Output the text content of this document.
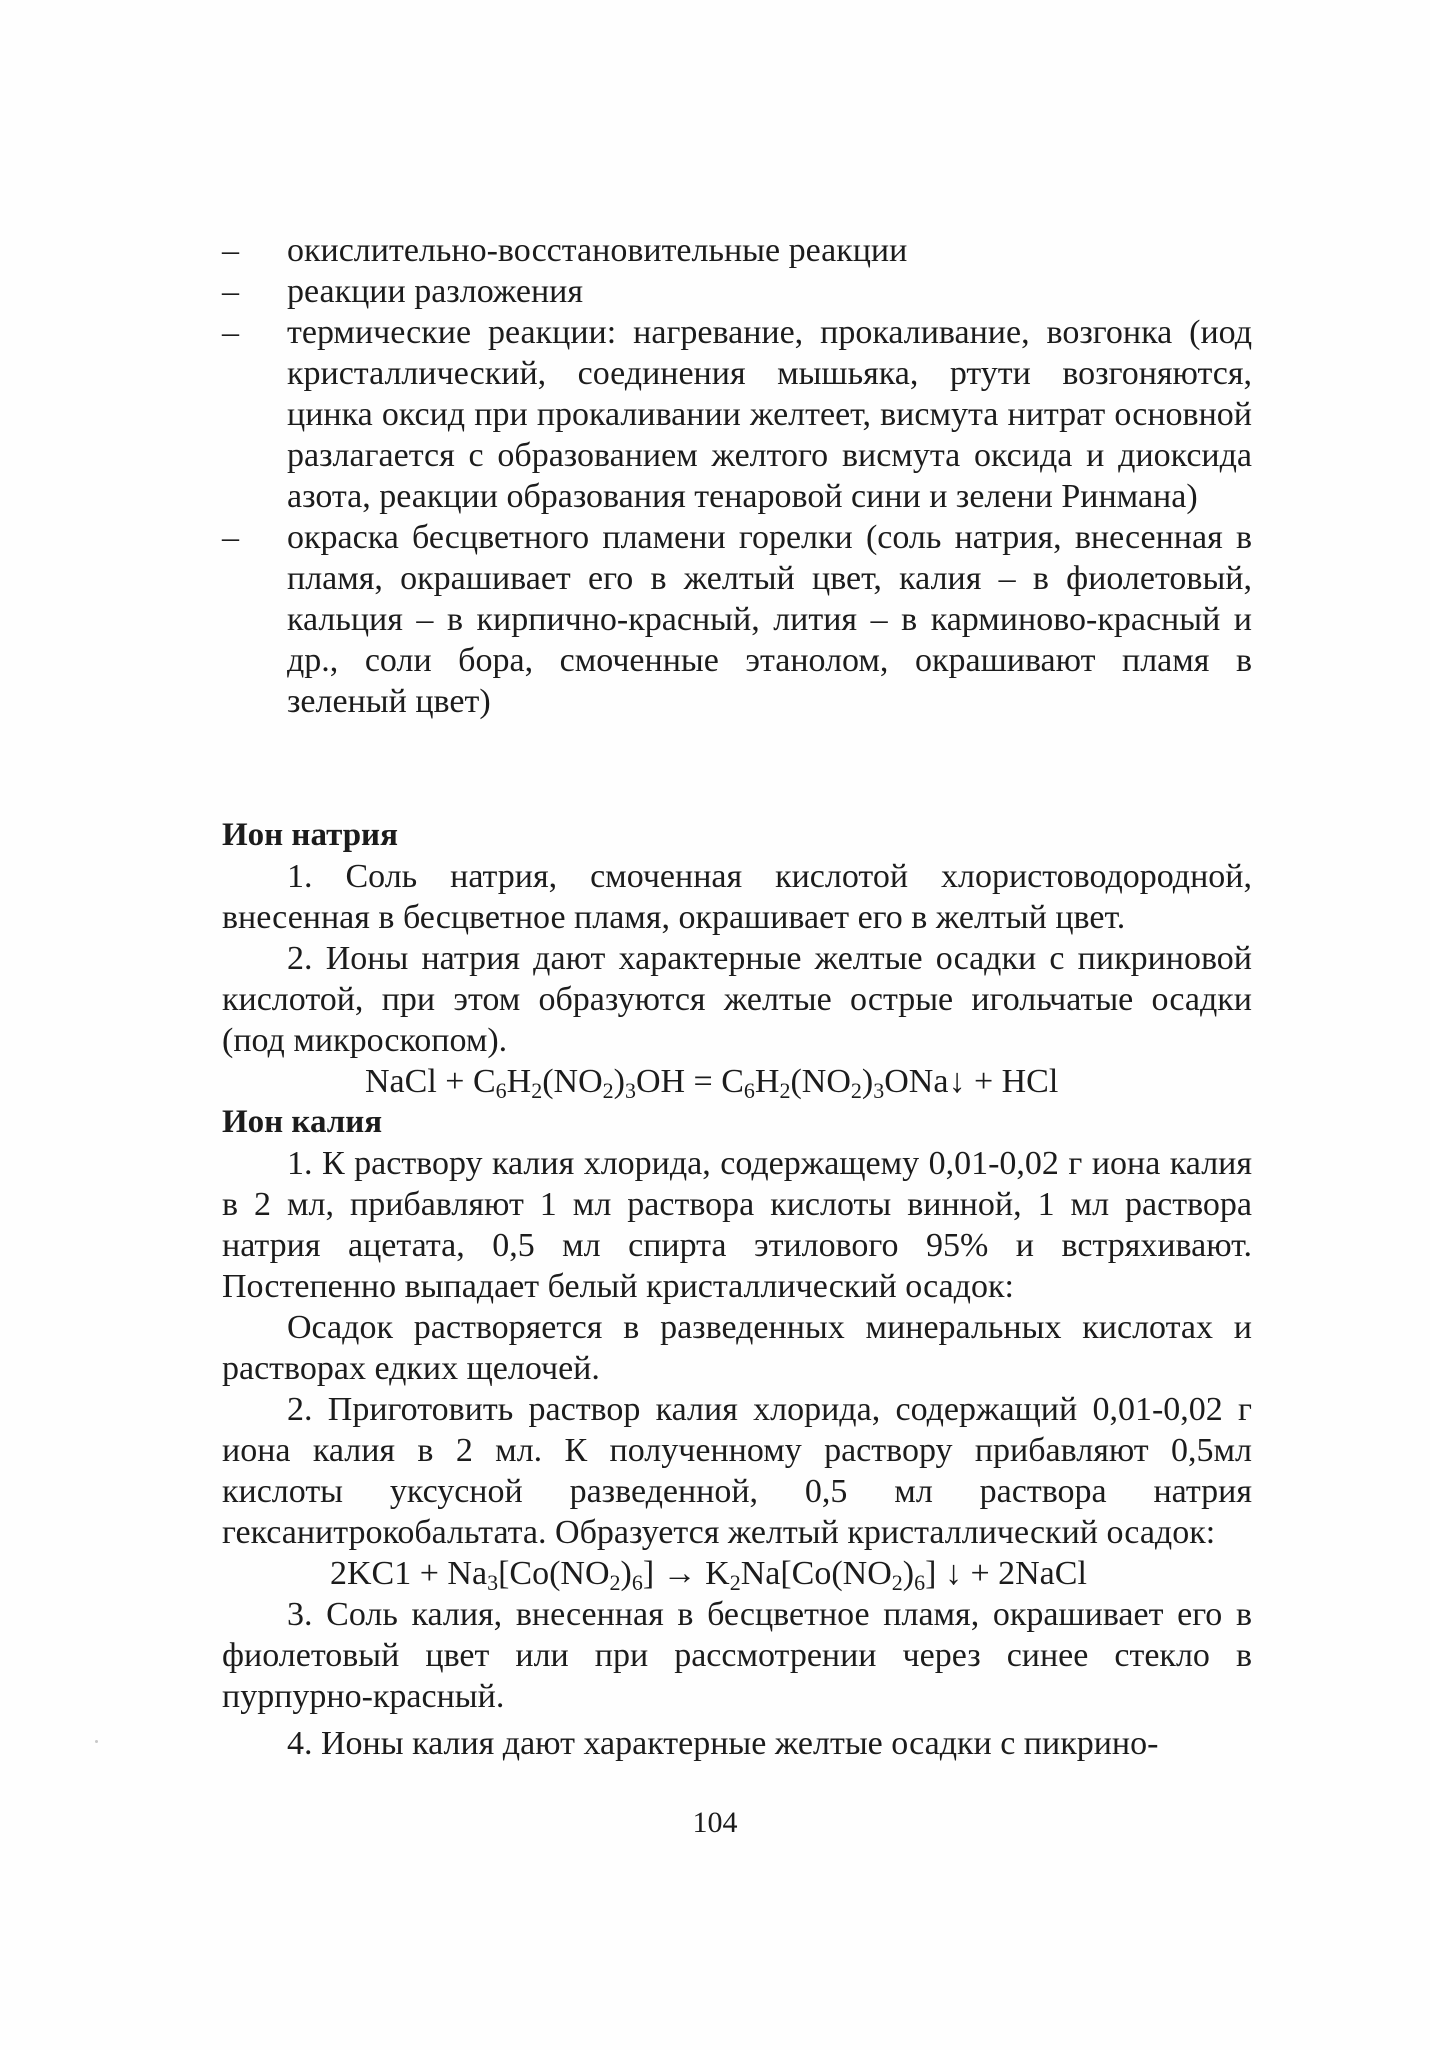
– окислительно-восстановительные реакции
– реакции разложения
– термические реакции: нагревание, прокаливание, возгонка (иод кристаллический, соединения мышьяка, ртути возгоняются, цинка оксид при прокаливании желтеет, висмута нитрат основной разлагается с образованием желтого висмута оксида и диоксида азота, реакции образования тенаровой сини и зелени Ринмана)
– окраска бесцветного пламени горелки (соль натрия, внесенная в пламя, окрашивает его в желтый цвет, калия – в фиолетовый, кальция – в кирпично-красный, лития – в карминово-красный и др., соли бора, смоченные этанолом, окрашивают пламя в зеленый цвет)
Ион натрия
1. Соль натрия, смоченная кислотой хлористоводородной, внесенная в бесцветное пламя, окрашивает его в желтый цвет.
2. Ионы натрия дают характерные желтые осадки с пикриновой кислотой, при этом образуются желтые острые игольчатые осадки (под микроскопом).
NaCl + $C_6H_2(NO_2)_3OH$ = $C_6H_2(NO_2)_3ONa↓$ + HCl
Ион калия
1. К раствору калия хлорида, содержащему 0,01-0,02 г иона калия в 2 мл, прибавляют 1 мл раствора кислоты винной, 1 мл раствора натрия ацетата, 0,5 мл спирта этилового 95% и встряхивают. Постепенно выпадает белый кристаллический осадок:
Осадок растворяется в разведенных минеральных кислотах и растворах едких щелочей.
2. Приготовить раствор калия хлорида, содержащий 0,01-0,02 г иона калия в 2 мл. К полученному раствору прибавляют 0,5мл кислоты уксусной разведенной, 0,5 мл раствора натрия гексанитрокобальтата. Образуется желтый кристаллический осадок:
$2KC1 + Na_3[Co(NO_2)_6] \to K_2Na[Co(NO_2)_6]$ ↓ + 2NaCl
3. Соль калия, внесенная в бесцветное пламя, окрашивает его в фиолетовый цвет или при рассмотрении через синее стекло в пурпурно-красный.
4. Ионы калия дают характерные желтые осадки с пикрино-
104
